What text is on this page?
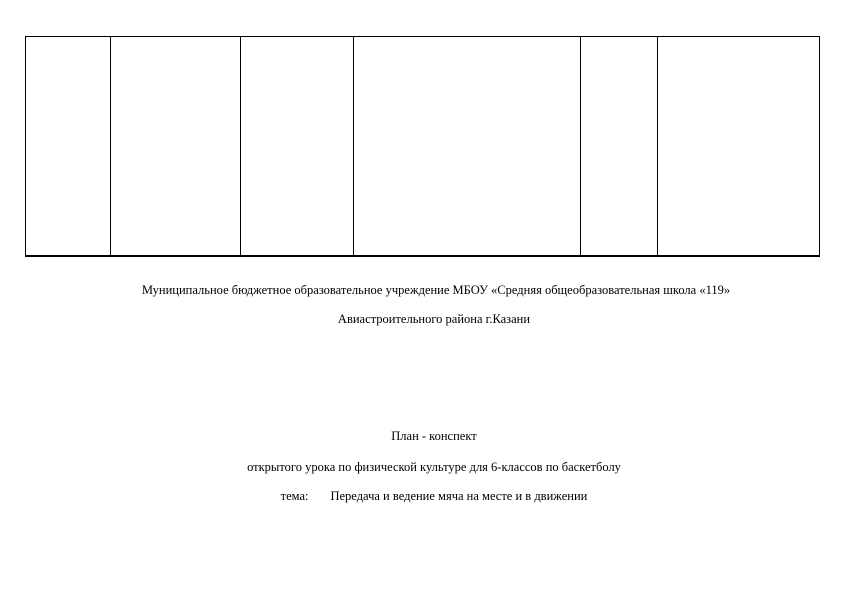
Муниципальное бюджетное образовательное учреждение МБОУ «Средняя общеобразовательная школа «119»
Авиастроительного района г.Казани
План - конспект
открытого урока по физической культуре для 6-классов по баскетболу
тема: Передача и ведение мяча на месте и в движении
